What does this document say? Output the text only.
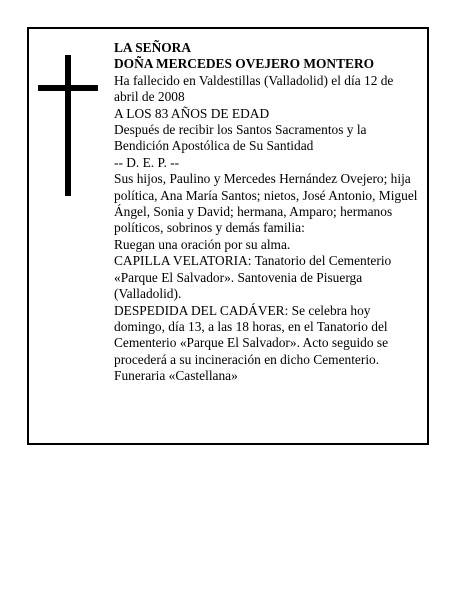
LA SEÑORA

DOÑA MERCEDES OVEJERO MONTERO

Ha fallecido en Valdestillas (Valladolid) el día 12 de abril de 2008

A LOS 83 AÑOS DE EDAD

Después de recibir los Santos Sacramentos y la Bendición Apostólica de Su Santidad

-- D. E. P. --

Sus hijos, Paulino y Mercedes Hernández Ovejero; hija política, Ana María Santos; nietos, José Antonio, Miguel Ángel, Sonia y David; hermana, Amparo; hermanos políticos, sobrinos y demás familia:

Ruegan una oración por su alma.

CAPILLA VELATORIA: Tanatorio del Cementerio «Parque El Salvador». Santovenia de Pisuerga (Valladolid).

DESPEDIDA DEL CADÁVER: Se celebra hoy domingo, día 13, a las 18 horas, en el Tanatorio del Cementerio «Parque El Salvador». Acto seguido se procederá a su incineración en dicho Cementerio.

Funeraria «Castellana»
